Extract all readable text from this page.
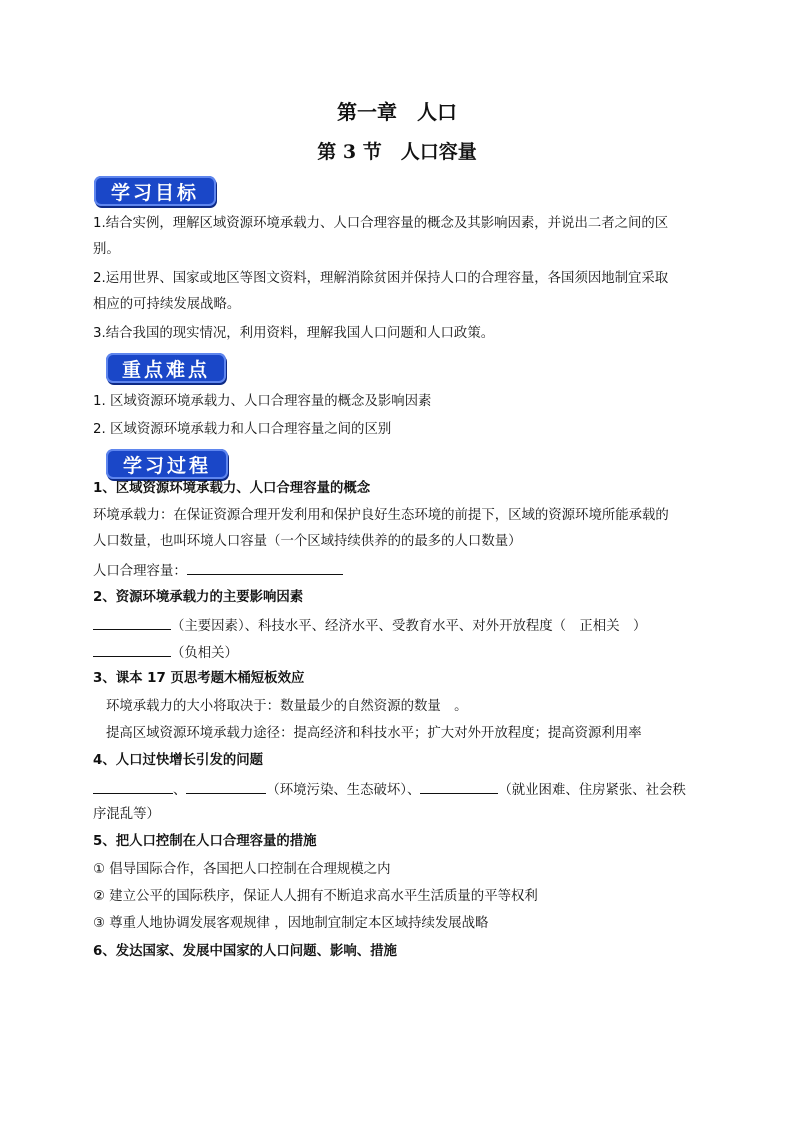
第一章　人口
第 3 节　人口容量
学习目标
1.结合实例，理解区域资源环境承载力、人口合理容量的概念及其影响因素，并说出二者之间的区
别。
2.运用世界、国家或地区等图文资料，理解消除贫困并保持人口的合理容量，各国须因地制宜采取
相应的可持续发展战略。
3.结合我国的现实情况，利用资料，理解我国人口问题和人口政策。
重点难点
1. 区域资源环境承载力、人口合理容量的概念及影响因素
2. 区域资源环境承载力和人口合理容量之间的区别
学习过程
1、区域资源环境承载力、人口合理容量的概念
环境承载力：在保证资源合理开发利用和保护良好生态环境的前提下，区域的资源环境所能承载的
人口数量，也叫环境人口容量（一个区域持续供养的的最多的人口数量）
人口合理容量：
2、资源环境承载力的主要影响因素
（主要因素）、科技水平、经济水平、受教育水平、对外开放程度（　正相关　）
（负相关）
3、课本 17 页思考题木桶短板效应
环境承载力的大小将取决于：数量最少的自然资源的数量　。
提高区域资源环境承载力途径：提高经济和科技水平；扩大对外开放程度；提高资源利用率
4、人口过快增长引发的问题
、	（环境污染、生态破坏）、	（就业困难、住房紧张、社会秩
序混乱等）
5、把人口控制在人口合理容量的措施
① 倡导国际合作，各国把人口控制在合理规模之内
② 建立公平的国际秩序，保证人人拥有不断追求高水平生活质量的平等权利
③ 尊重人地协调发展客观规律 ，因地制宜制定本区域持续发展战略
6、发达国家、发展中国家的人口问题、影响、措施
